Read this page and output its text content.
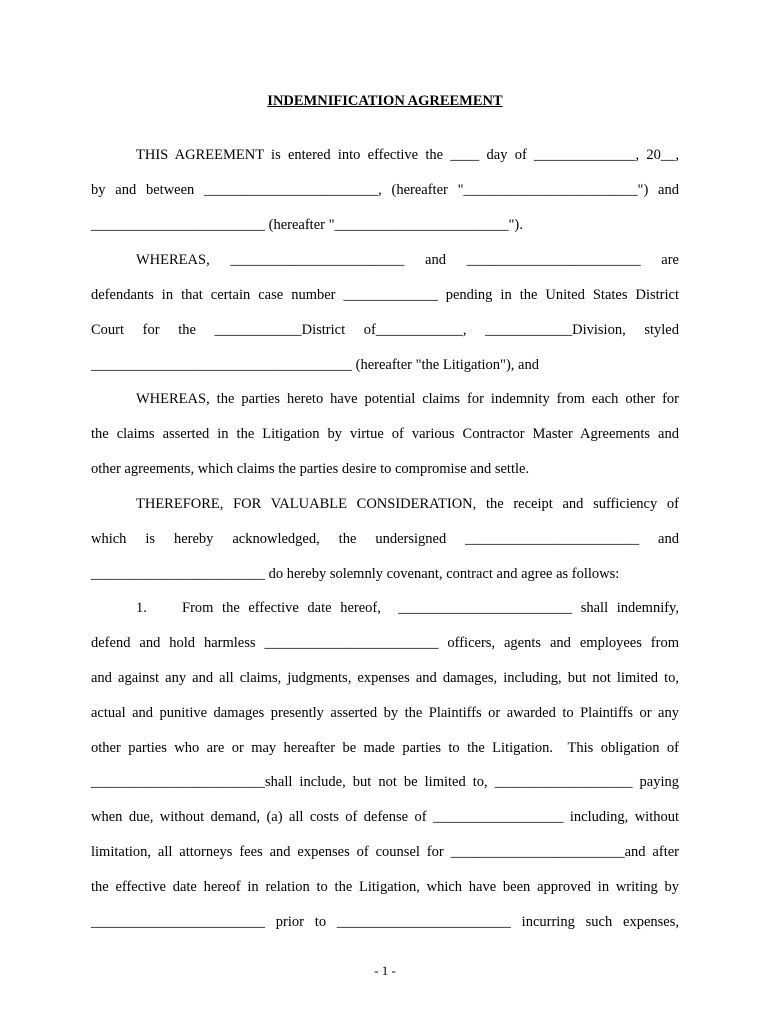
INDEMNIFICATION AGREEMENT
THIS AGREEMENT is entered into effective the ____ day of ______________, 20__,
by and between ________________________, (hereafter "________________________") and
________________________ (hereafter "________________________").
WHEREAS,     ________________________     and     ________________________     are
defendants in that certain case number _____________ pending in the United States District
Court   for   the   ____________District   of____________,   ____________Division,   styled
____________________________________ (hereafter "the Litigation"), and
WHEREAS, the parties hereto have potential claims for indemnity from each other for
the claims asserted in the Litigation by virtue of various Contractor Master Agreements and
other agreements, which claims the parties desire to compromise and settle.
THEREFORE, FOR VALUABLE CONSIDERATION, the receipt and sufficiency of
which   is   hereby   acknowledged,   the   undersigned   ________________________   and
________________________ do hereby solemnly covenant, contract and agree as follows:
1.	From the effective date hereof,  ________________________ shall indemnify,
defend and hold harmless ________________________ officers, agents and employees from
and against any and all claims, judgments, expenses and damages, including, but not limited to,
actual and punitive damages presently asserted by the Plaintiffs or awarded to Plaintiffs or any
other parties who are or may hereafter be made parties to the Litigation.  This obligation of
________________________shall include, but not be limited to, ___________________ paying
when due, without demand, (a) all costs of defense of __________________ including, without
limitation, all attorneys fees and expenses of counsel for ________________________and after
the effective date hereof in relation to the Litigation, which have been approved in writing by
________________________  prior  to  ________________________  incurring  such  expenses,
- 1 -
